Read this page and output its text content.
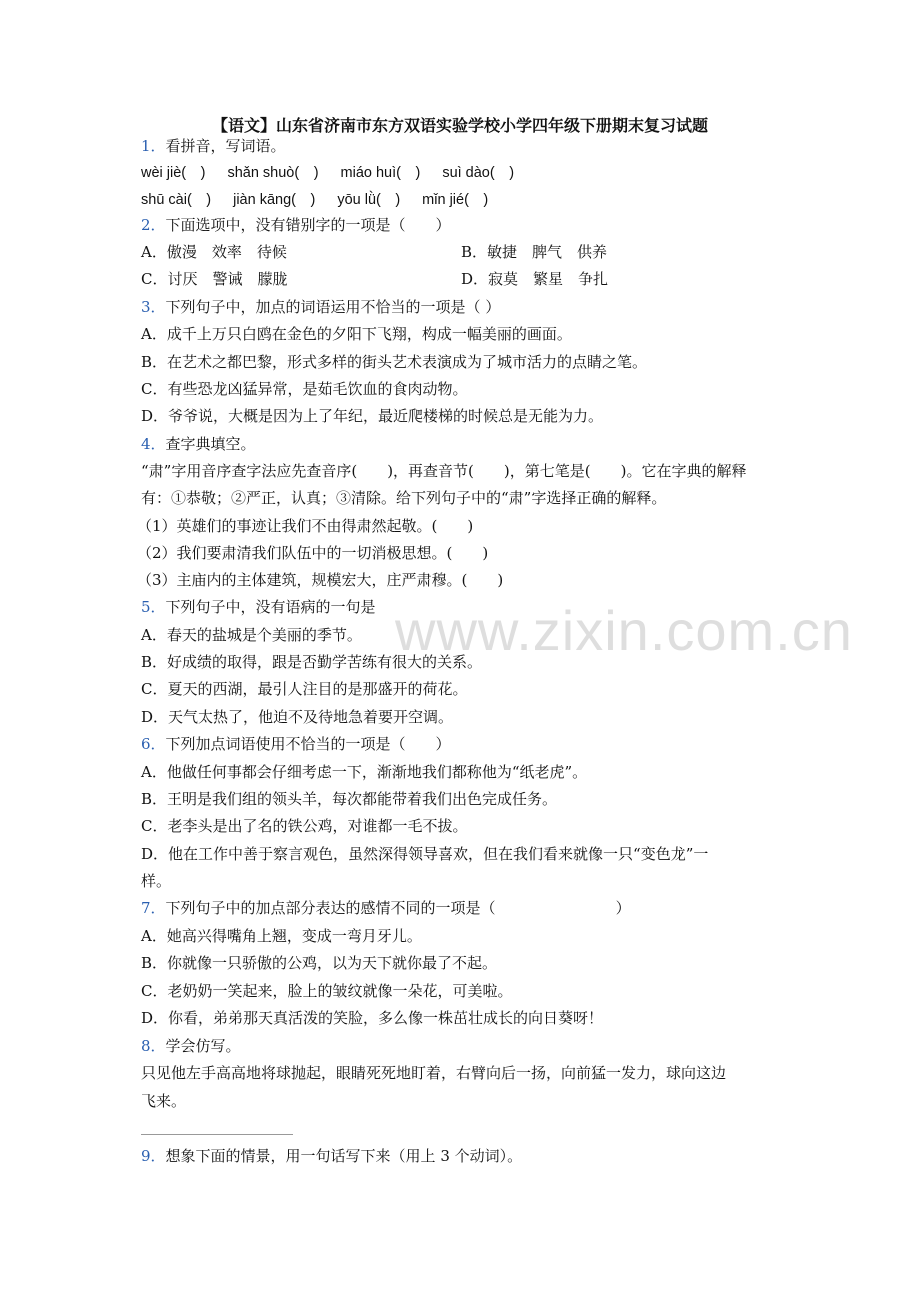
【语文】山东省济南市东方双语实验学校小学四年级下册期末复习试题
1．看拼音，写词语。
wèi jiè(　) shǎn shuò(　) miáo huì(　) suì dào(　)
shū cài(　) jiàn kāng(　) yōu lǜ(　) mǐn jié(　)
2．下面选项中，没有错别字的一项是（　　）
A．傲漫　效率　待候	B．敏捷　脾气　供养
C．讨厌　警诫　朦胧	D．寂莫　繁星　争扎
3．下列句子中，加点的词语运用不恰当的一项是（ ）
A．成千上万只白鸥在金色的夕阳下飞翔，构成一幅美丽的画面。
B．在艺术之都巴黎，形式多样的街头艺术表演成为了城市活力的点睛之笔。
C．有些恐龙凶猛异常，是茹毛饮血的食肉动物。
D．爷爷说，大概是因为上了年纪，最近爬楼梯的时候总是无能为力。
4．查字典填空。
“肃”字用音序查字法应先查音序(　　)，再查音节(　　)，第七笔是(　　)。它在字典的解释
有：①恭敬；②严正，认真；③清除。给下列句子中的“肃”字选择正确的解释。
（1）英雄们的事迹让我们不由得肃然起敬。(　　)
（2）我们要肃清我们队伍中的一切消极思想。(　　)
（3）主庙内的主体建筑，规模宏大，庄严肃穆。(　　)
5．下列句子中，没有语病的一句是
A．春天的盐城是个美丽的季节。
B．好成绩的取得，跟是否勤学苦练有很大的关系。
C．夏天的西湖，最引人注目的是那盛开的荷花。
D．天气太热了，他迫不及待地急着要开空调。
6．下列加点词语使用不恰当的一项是（　　）
A．他做任何事都会仔细考虑一下，渐渐地我们都称他为“纸老虎”。
B．王明是我们组的领头羊，每次都能带着我们出色完成任务。
C．老李头是出了名的铁公鸡，对谁都一毛不拔。
D．他在工作中善于察言观色，虽然深得领导喜欢，但在我们看来就像一只“变色龙”一
样。
7．下列句子中的加点部分表达的感情不同的一项是（	）
A．她高兴得嘴角上翘，变成一弯月牙儿。
B．你就像一只骄傲的公鸡，以为天下就你最了不起。
C．老奶奶一笑起来，脸上的皱纹就像一朵花，可美啦。
D．你看，弟弟那天真活泼的笑脸，多么像一株茁壮成长的向日葵呀！
8．学会仿写。
只见他左手高高地将球抛起，眼睛死死地盯着，右臂向后一扬，向前猛一发力，球向这边
飞来。
9．想象下面的情景，用一句话写下来（用上 3 个动词）。
www.zixin.com.cn
